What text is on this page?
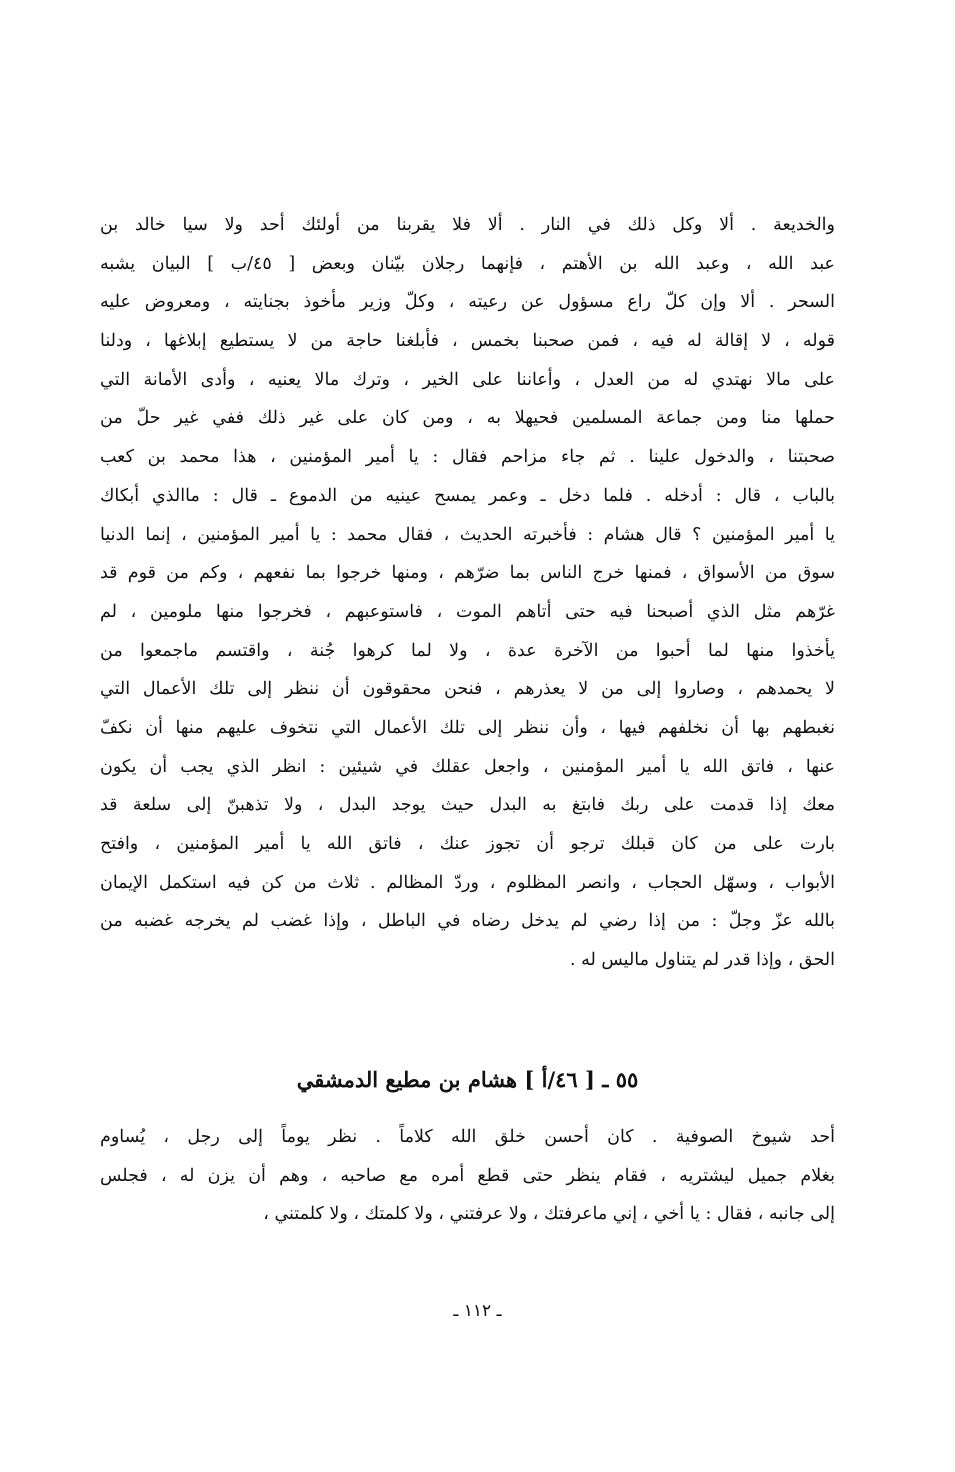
والخديعة . ألا وكل ذلك في النار . ألا فلا يقربنا من أولئك أحد ولا سيا خالد بن
عبد الله ، وعبد الله بن الأهتم ، فإنهما رجلان بيّنان وبعض [ ٤٥/ب ] البيان يشبه
السحر . ألا وإن كلّ راع مسؤول عن رعيته ، وكلّ وزير مأخوذ بجنايته ، ومعروض عليه
قوله ، لا إقالة له فيه ، فمن صحبنا بخمس ، فأبلغنا حاجة من لا يستطيع إبلاغها ، ودلنا
على مالا نهتدي له من العدل ، وأعاننا على الخير ، وترك مالا يعنيه ، وأدى الأمانة التي
حملها منا ومن جماعة المسلمين فحيهلا به ، ومن كان على غير ذلك ففي غير حلّ من
صحبتنا ، والدخول علينا . ثم جاء مزاحم فقال : يا أمير المؤمنين ، هذا محمد بن كعب
بالباب ، قال : أدخله . فلما دخل ـ وعمر يمسح عينيه من الدموع ـ قال : ماالذي أبكاك
يا أمير المؤمنين ؟ قال هشام : فأخبرته الحديث ، فقال محمد : يا أمير المؤمنين ، إنما الدنيا
سوق من الأسواق ، فمنها خرج الناس بما ضرّهم ، ومنها خرجوا بما نفعهم ، وكم من قوم قد
غرّهم مثل الذي أصبحنا فيه حتى أتاهم الموت ، فاستوعبهم ، فخرجوا منها ملومين ، لم
يأخذوا منها لما أحبوا من الآخرة عدة ، ولا لما كرهوا جُنة ، واقتسم ماجمعوا من
لا يحمدهم ، وصاروا إلى من لا يعذرهم ، فنحن محقوقون أن ننظر إلى تلك الأعمال التي
نغبطهم بها أن نخلفهم فيها ، وأن ننظر إلى تلك الأعمال التي نتخوف عليهم منها أن نكفّ
عنها ، فاتق الله يا أمير المؤمنين ، واجعل عقلك في شيئين : انظر الذي يجب أن يكون
معك إذا قدمت على ربك فابتغ به البدل حيث يوجد البدل ، ولا تذهبنّ إلى سلعة قد
بارت على من كان قبلك ترجو أن تجوز عنك ، فاتق الله يا أمير المؤمنين ، وافتح
الأبواب ، وسهّل الحجاب ، وانصر المظلوم ، وردّ المظالم . ثلاث من كن فيه استكمل الإيمان
بالله عزّ وجلّ : من إذا رضي لم يدخل رضاه في الباطل ، وإذا غضب لم يخرجه غضبه من
الحق ، وإذا قدر لم يتناول ماليس له .
٥٥ ـ [ ٤٦/أ ] هشام بن مطيع الدمشقي
أحد شيوخ الصوفية . كان أحسن خلق الله كلاماً . نظر يوماً إلى رجل ، يُساوم
بغلام جميل ليشتريه ، فقام ينظر حتى قطع أمره مع صاحبه ، وهم أن يزن له ، فجلس
إلى جانبه ، فقال : يا أخي ، إني ماعرفتك ، ولا عرفتني ، ولا كلمتك ، ولا كلمتني ،
ـ ١١٢ ـ
